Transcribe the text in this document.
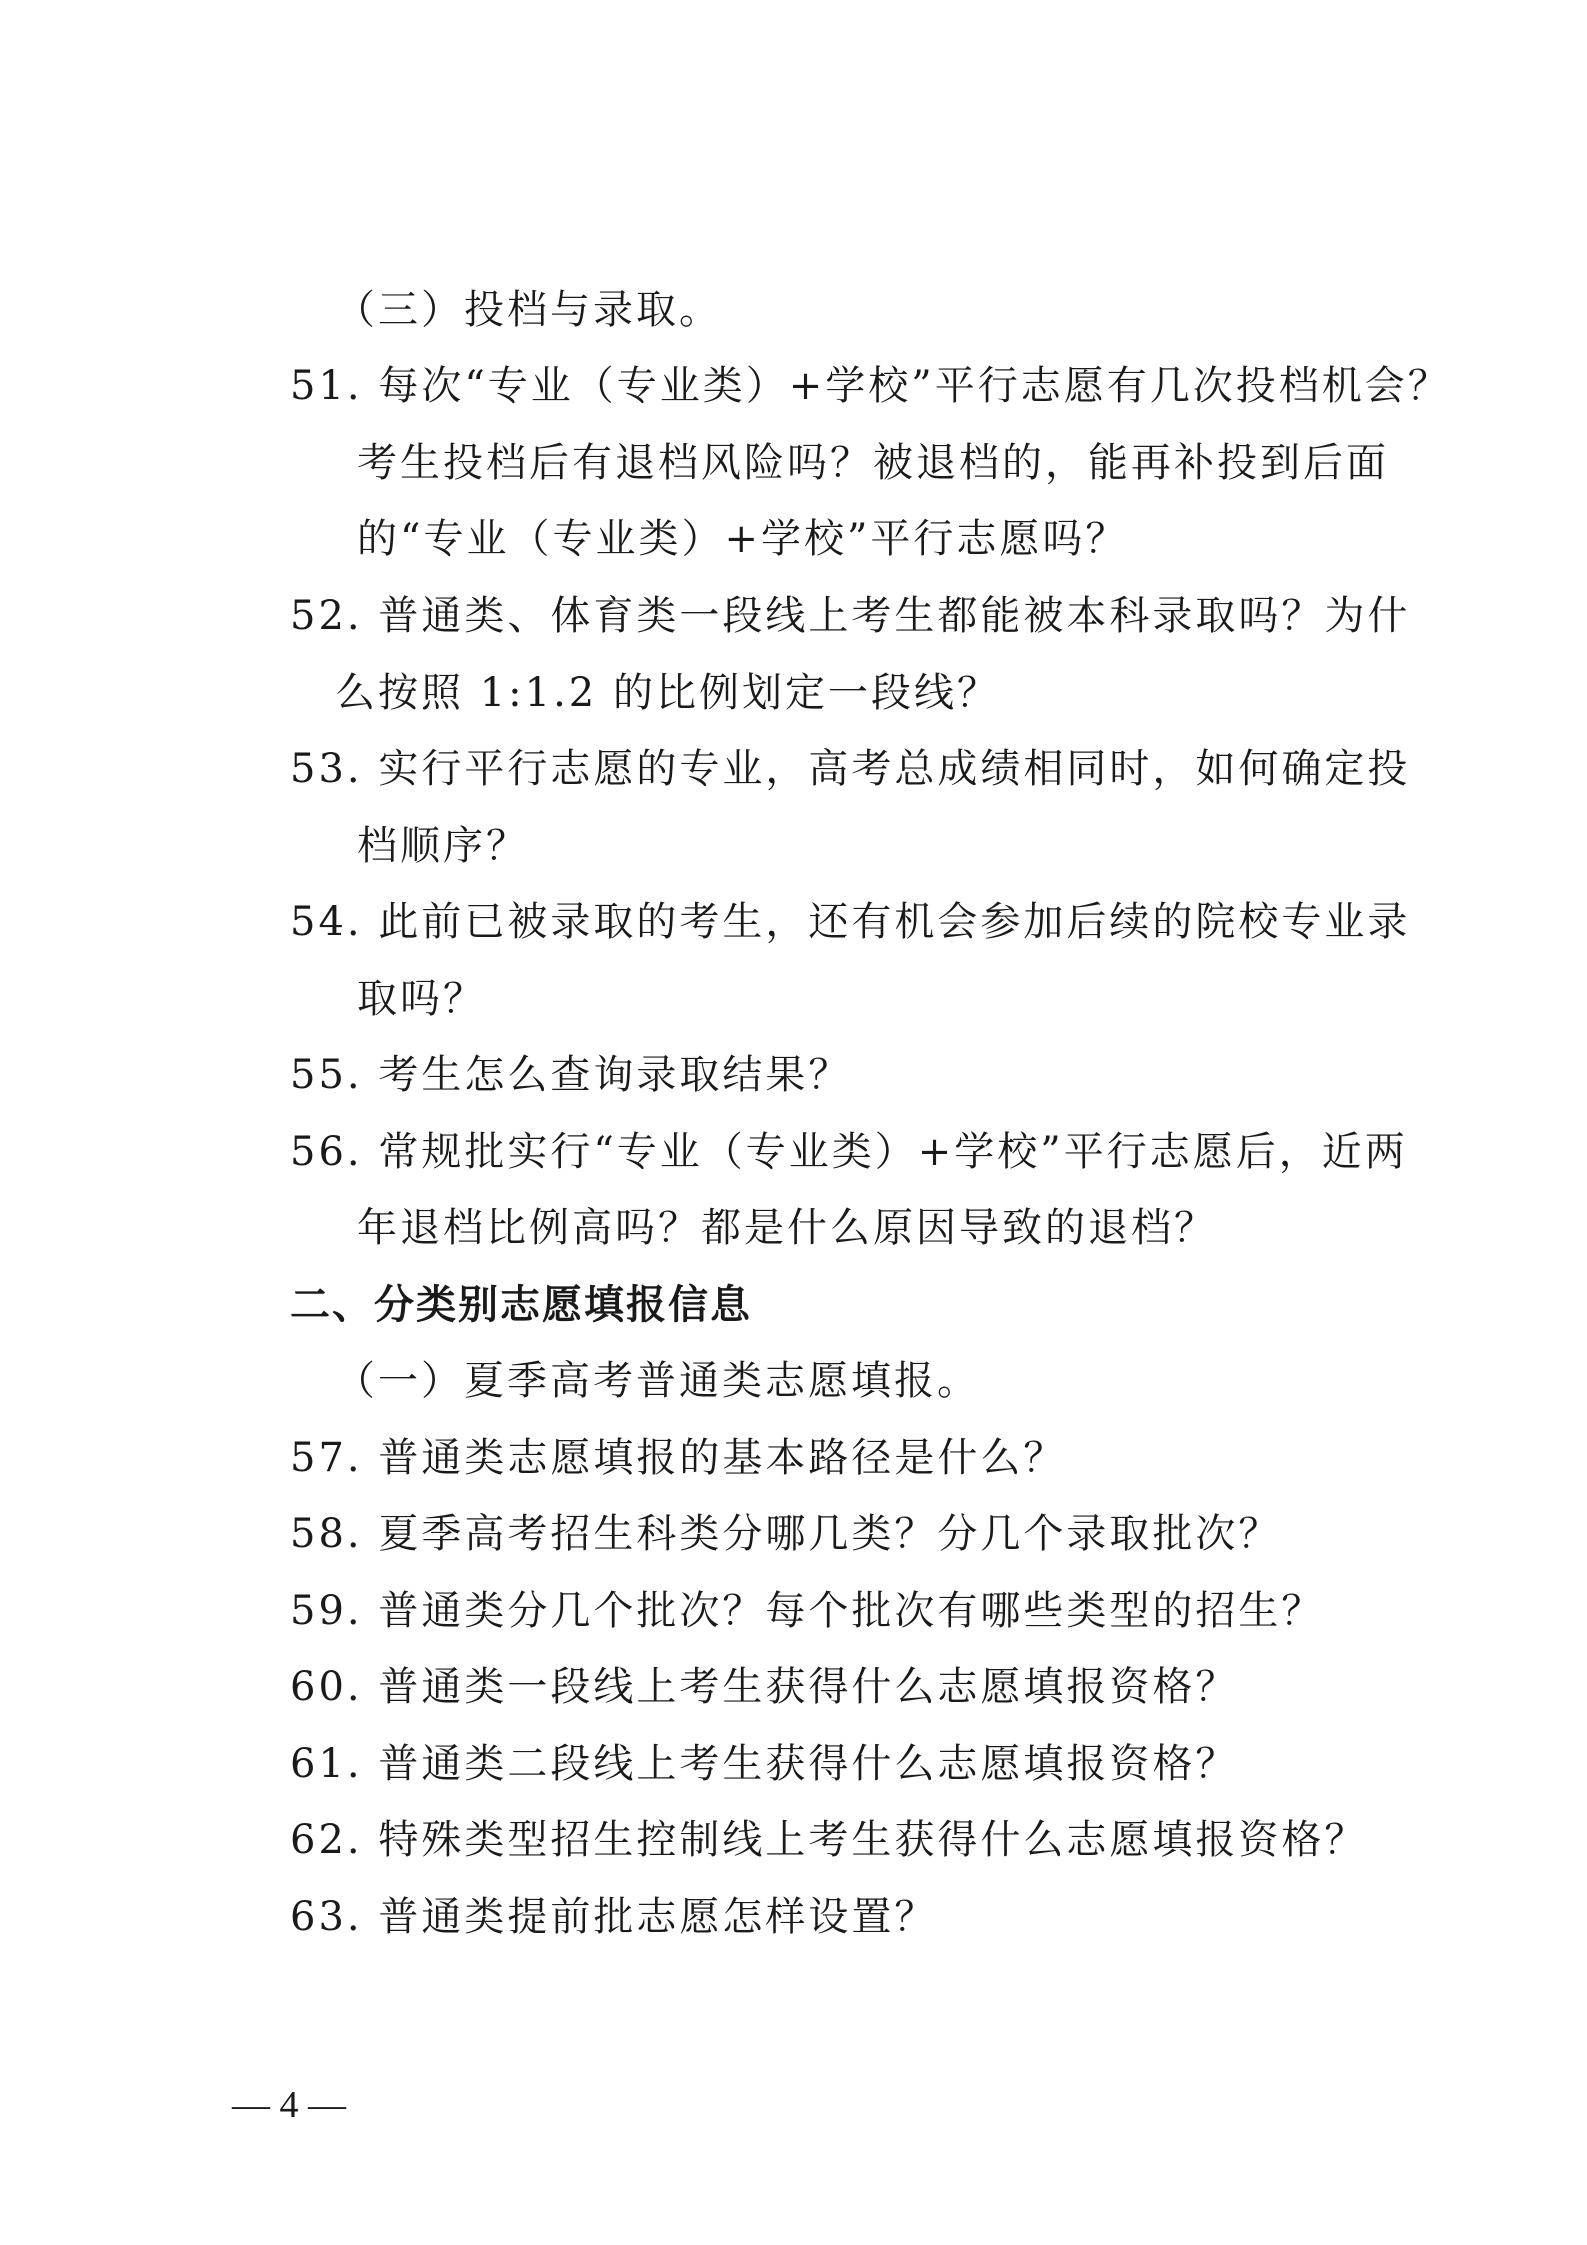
（三）投档与录取。
51. 每次“专业（专业类）+学校”平行志愿有几次投档机会？
考生投档后有退档风险吗？被退档的，能再补投到后面
的“专业（专业类）+学校”平行志愿吗？
52. 普通类、体育类一段线上考生都能被本科录取吗？为什
么按照 1:1.2 的比例划定一段线？
53. 实行平行志愿的专业，高考总成绩相同时，如何确定投
档顺序？
54. 此前已被录取的考生，还有机会参加后续的院校专业录
取吗？
55. 考生怎么查询录取结果？
56. 常规批实行“专业（专业类）+学校”平行志愿后，近两
年退档比例高吗？都是什么原因导致的退档？
二、分类别志愿填报信息
（一）夏季高考普通类志愿填报。
57. 普通类志愿填报的基本路径是什么？
58. 夏季高考招生科类分哪几类？分几个录取批次？
59. 普通类分几个批次？每个批次有哪些类型的招生？
60. 普通类一段线上考生获得什么志愿填报资格？
61. 普通类二段线上考生获得什么志愿填报资格？
62. 特殊类型招生控制线上考生获得什么志愿填报资格？
63. 普通类提前批志愿怎样设置？
— 4 —
